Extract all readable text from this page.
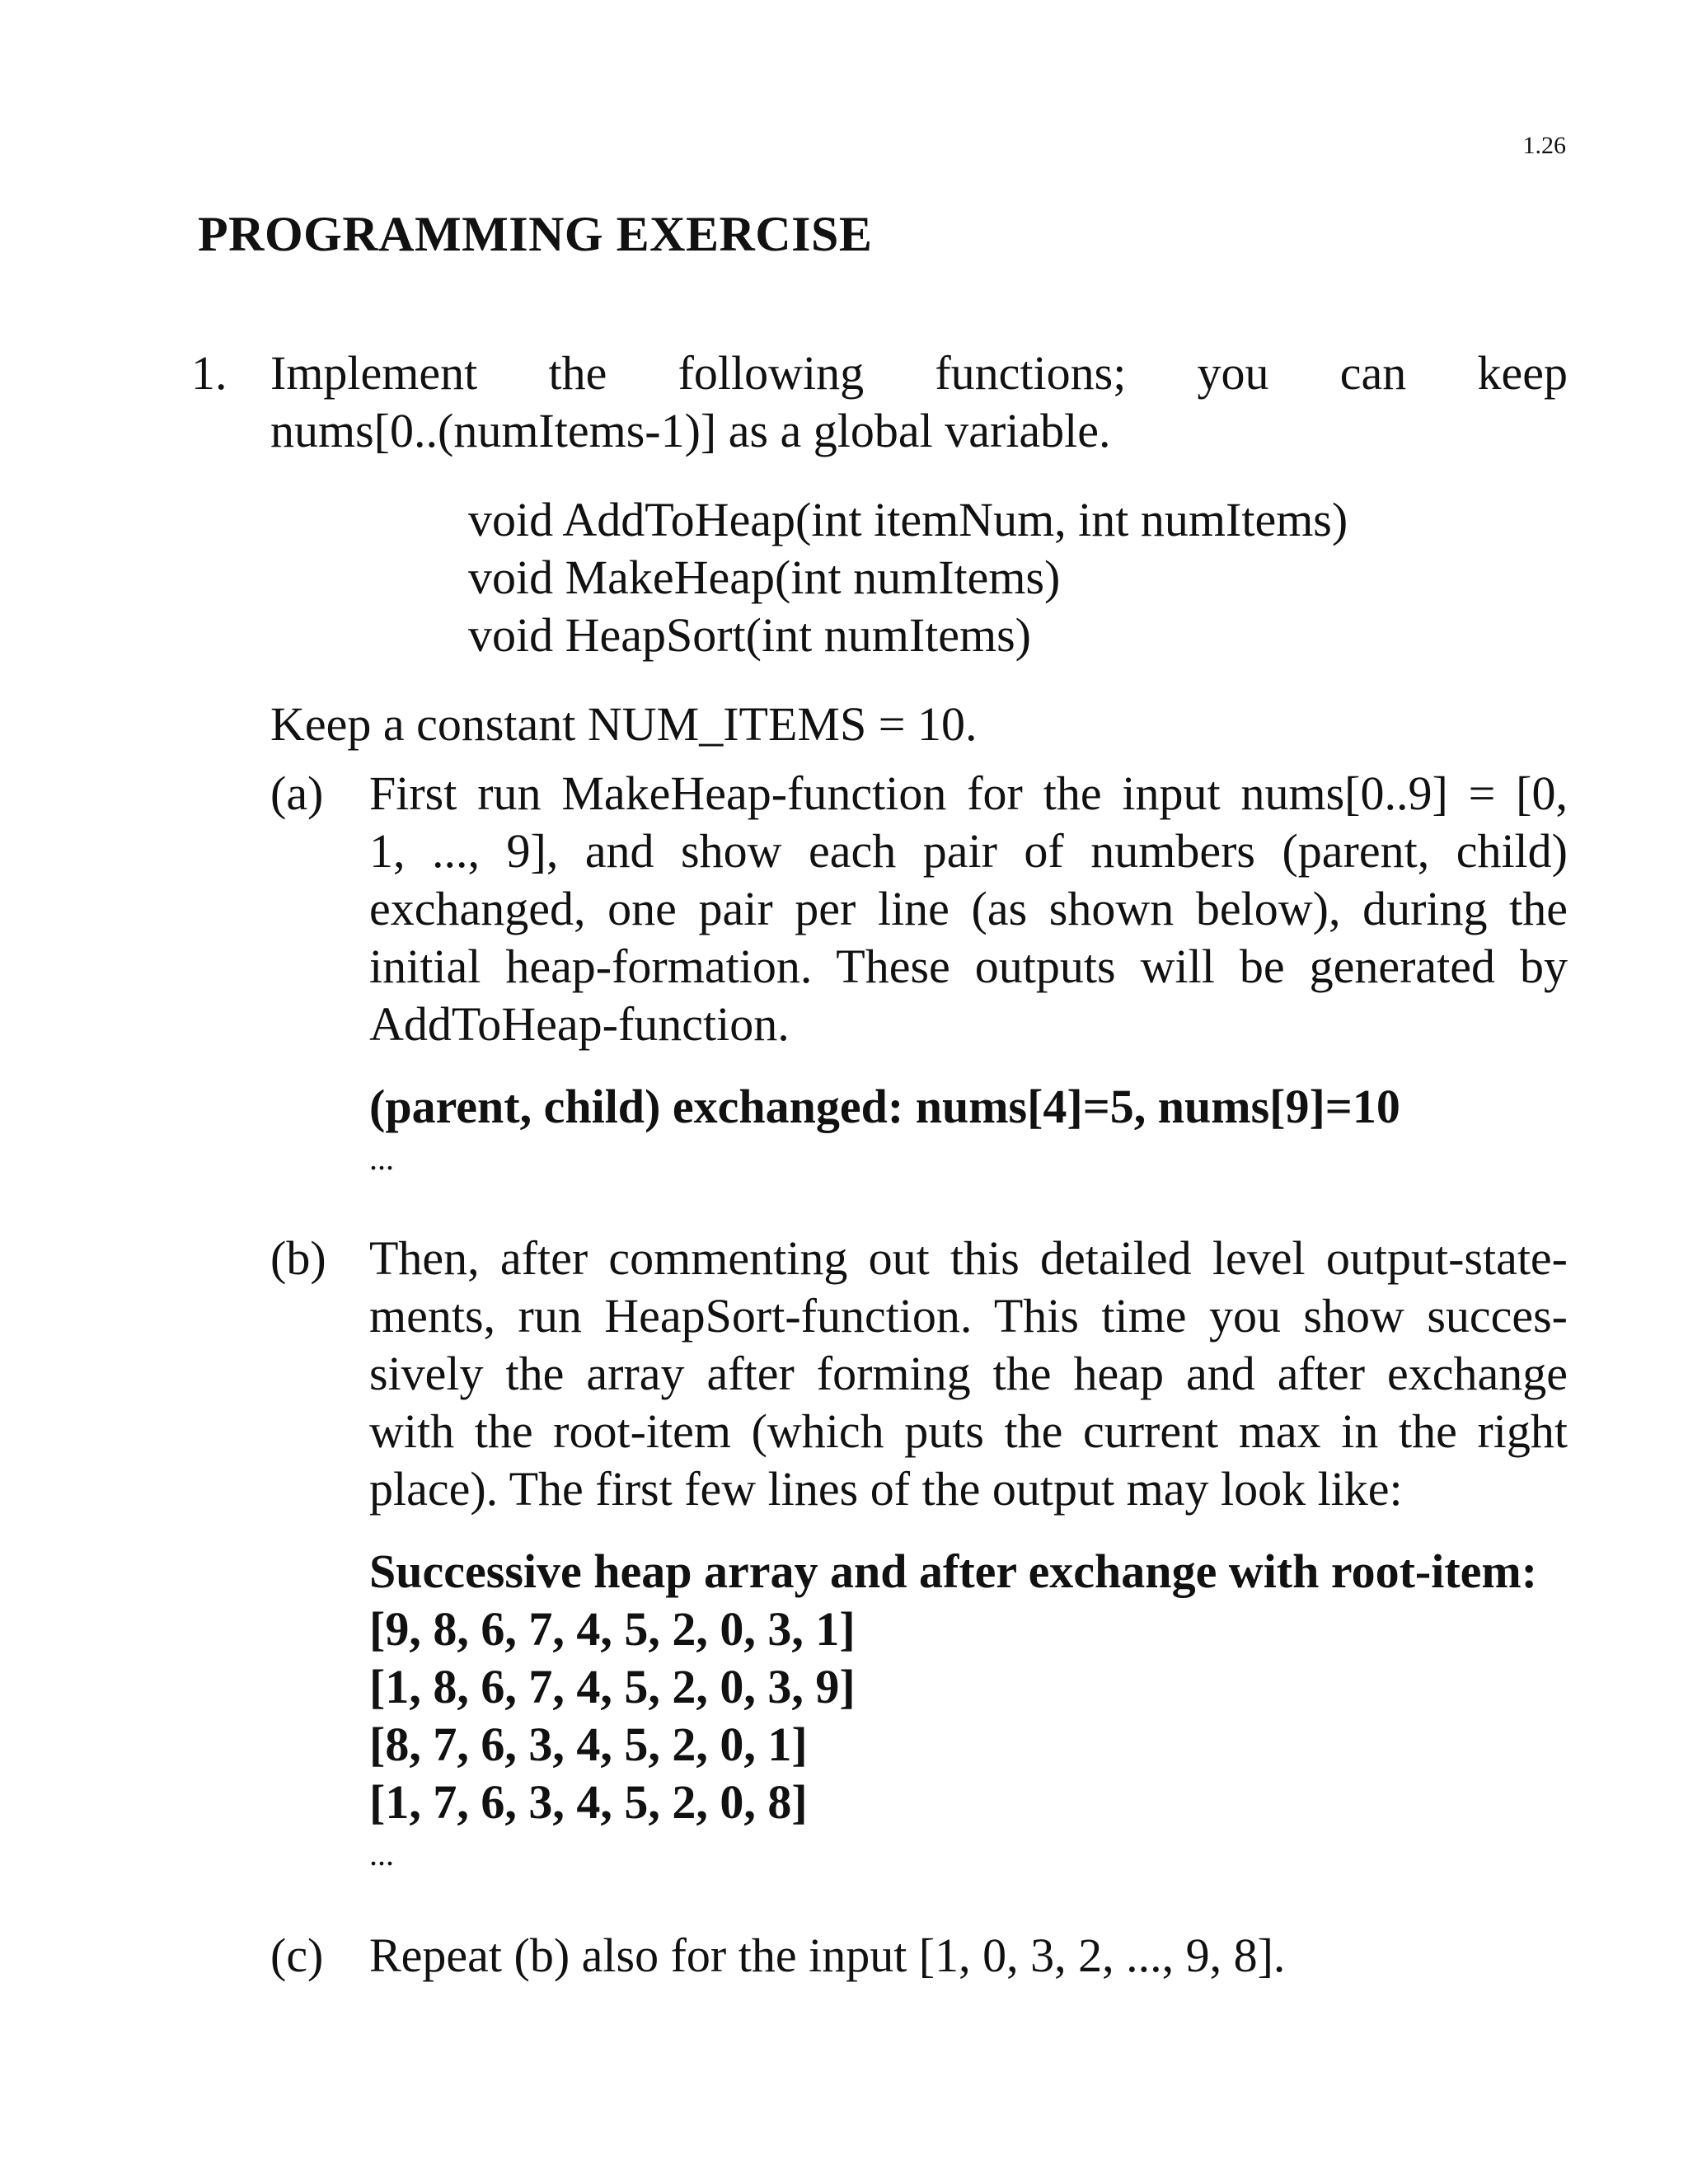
1.26
PROGRAMMING EXERCISE
1. Implement the following functions; you can keep
nums[0..(numItems-1)] as a global variable.
void AddToHeap(int itemNum, int numItems)
void MakeHeap(int numItems)
void HeapSort(int numItems)
Keep a constant NUM_ITEMS = 10.
(a) First run MakeHeap-function for the input nums[0..9] = [0,
1, ..., 9], and show each pair of numbers (parent, child)
exchanged, one pair per line (as shown below), during the
initial heap-formation. These outputs will be generated by
AddToHeap-function.
(parent, child) exchanged: nums[4]=5, nums[9]=10
...
(b) Then, after commenting out this detailed level output-state-
ments, run HeapSort-function. This time you show succes-
sively the array after forming the heap and after exchange
with the root-item (which puts the current max in the right
place). The first few lines of the output may look like:
Successive heap array and after exchange with root-item:
[9, 8, 6, 7, 4, 5, 2, 0, 3, 1]
[1, 8, 6, 7, 4, 5, 2, 0, 3, 9]
[8, 7, 6, 3, 4, 5, 2, 0, 1]
[1, 7, 6, 3, 4, 5, 2, 0, 8]
...
(c) Repeat (b) also for the input [1, 0, 3, 2, ..., 9, 8].
